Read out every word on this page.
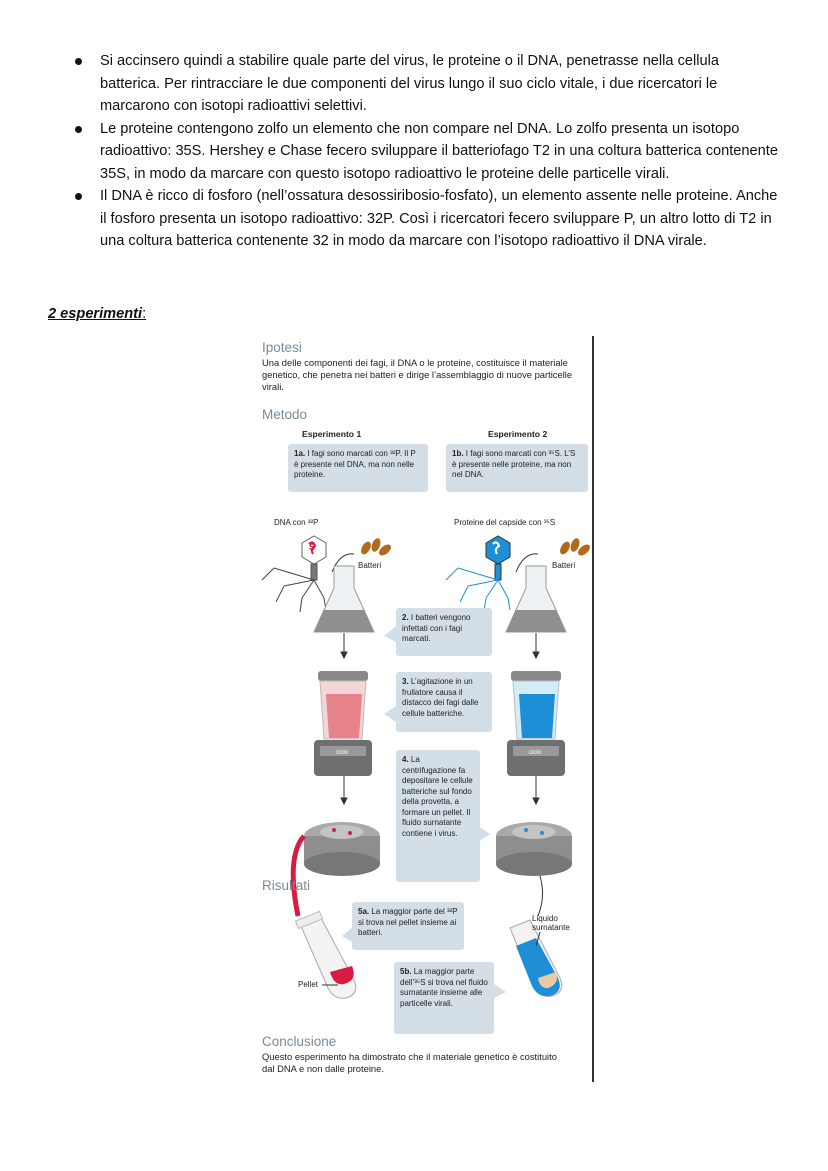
Si accinsero quindi a stabilire quale parte del virus, le proteine o il DNA, penetrasse nella cellula batterica. Per rintracciare le due componenti del virus lungo il suo ciclo vitale, i due ricercatori le marcarono con isotopi radioattivi selettivi.
Le proteine contengono zolfo un elemento che non compare nel DNA. Lo zolfo presenta un isotopo radioattivo: 35S. Hershey e Chase fecero sviluppare il batteriofago T2 in una coltura batterica contenente 35S, in modo da marcare con questo isotopo radioattivo le proteine delle particelle virali.
Il DNA è ricco di fosforo (nell’ossatura desossiribosio-fosfato), un elemento assente nelle proteine. Anche il fosforo presenta un isotopo radioattivo: 32P. Così i ricercatori fecero sviluppare P, un altro lotto di T2 in una coltura batterica contenente 32 in modo da marcare con l’isotopo radioattivo il DNA virale.
2 esperimenti:
Ipotesi
Una delle componenti dei fagi, il DNA o le proteine, costituisce il materiale genetico, che penetra nei batteri e dirige l’assemblaggio di nuove particelle virali.
Metodo
Esperimento 1	Esperimento 2
1a. I fagi sono marcati con ³²P. Il P è presente nel DNA, ma non nelle proteine.
1b. I fagi sono marcati con ³⁵S. L’S è presente nelle proteine, ma non nel DNA.
DNA con ³²P	Proteine del capside con ³⁵S
Batteri	Batteri
2. I batteri vengono infettati con i fagi marcati.
3. L’agitazione in un frullatore causa il distacco dei fagi dalle cellule batteriche.
4. La centrifugazione fa depositare le cellule batteriche sul fondo della provetta, a formare un pellet. Il fluido surnatante contiene i virus.
Risultati
5a. La maggior parte del ³²P si trova nel pellet insieme ai batteri.
Liquido surnatante
Pellet
5b. La maggior parte dell’³⁵S si trova nel fluido surnatante insieme alle particelle virali.
Conclusione
Questo esperimento ha dimostrato che il materiale genetico è costituito dal DNA e non dalle proteine.
S
ciclo	ciclo
